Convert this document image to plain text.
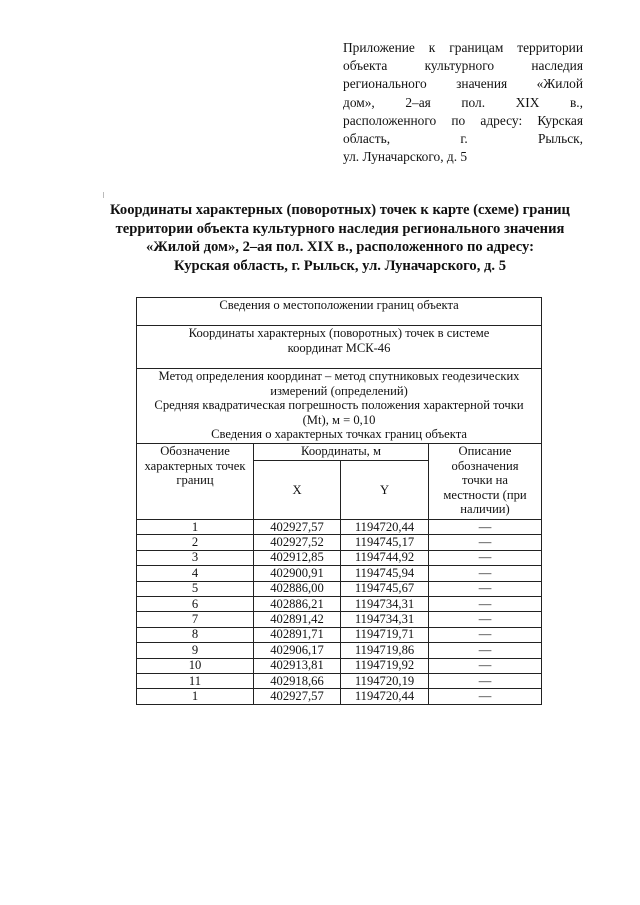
Приложение к границам территории
объекта культурного наследия
регионального значения «Жилой
дом», 2–ая пол. XIX в.,
расположенного по адресу: Курская
область, г. Рыльск,
ул. Луначарского, д. 5
Координаты характерных (поворотных) точек к карте (схеме) границ
территории объекта культурного наследия регионального значения
«Жилой дом», 2–ая пол. XIX в., расположенного по адресу:
Курская область, г. Рыльск, ул. Луначарского, д. 5
Сведения о местоположении границ объекта			

Координаты характерных (поворотных) точек в системе координат МСК-46			

Метод определения координат – метод спутниковых геодезических измерений (определений)
Средняя квадратическая погрешность положения характерной точки (Mt), м = 0,10
Сведения о характерных точках границ объекта			

Обозначение характерных точек границ	Координаты, м		Описание обозначения точки на местности (при наличии)

	X	Y	
1	402927,57	1194720,44	—
2	402927,52	1194745,17	—
3	402912,85	1194744,92	—
4	402900,91	1194745,94	—
5	402886,00	1194745,67	—
6	402886,21	1194734,31	—
7	402891,42	1194734,31	—
8	402891,71	1194719,71	—
9	402906,17	1194719,86	—
10	402913,81	1194719,92	—
11	402918,66	1194720,19	—
1	402927,57	1194720,44	—
